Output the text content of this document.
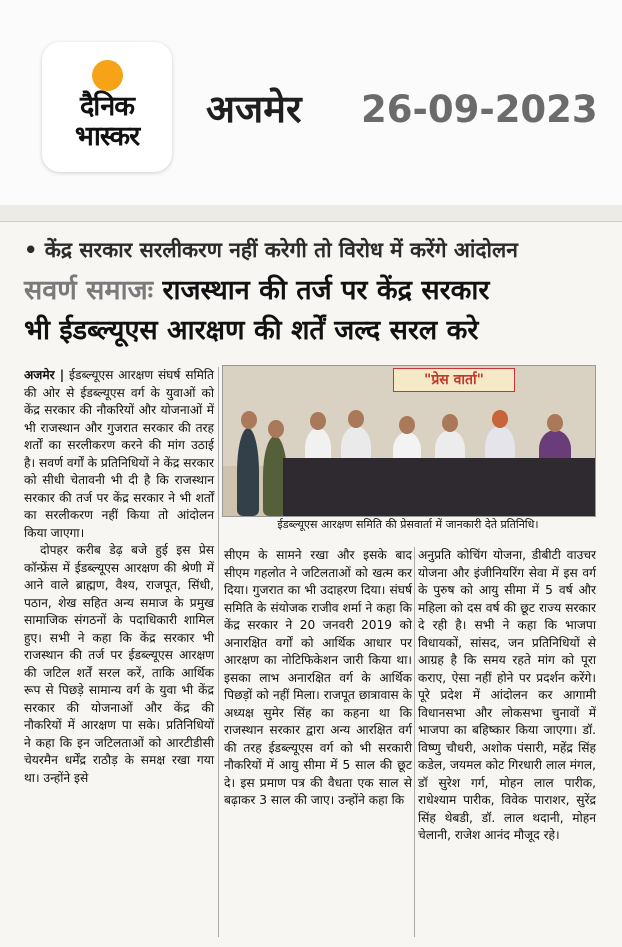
दैनिक
भास्कर
अजमेर 26-09-2023
• केंद्र सरकार सरलीकरण नहीं करेगी तो विरोध में करेंगे आंदोलन
सवर्ण समाजः राजस्थान की तर्ज पर केंद्र सरकार
भी ईडब्ल्यूएस आरक्षण की शर्तें जल्द सरल करे
"प्रेस वार्ता"
ईडब्ल्यूएस आरक्षण समिति की प्रेसवार्ता में जानकारी देते प्रतिनिधि।

अजमेर | ईडब्ल्यूएस आरक्षण संघर्ष समिति की ओर से ईडब्ल्यूएस वर्ग के युवाओं को केंद्र सरकार की नौकरियों और योजनाओं में भी राजस्थान और गुजरात सरकार की तरह शर्तों का सरलीकरण करने की मांग उठाई है। सवर्ण वर्गों के प्रतिनिधियों ने केंद्र सरकार को सीधी चेतावनी भी दी है कि राजस्थान सरकार की तर्ज पर केंद्र सरकार ने भी शर्तों का सरलीकरण नहीं किया तो आंदोलन किया जाएगा।

दोपहर करीब डेढ़ बजे हुई इस प्रेस कॉन्फ्रेंस में ईडब्ल्यूएस आरक्षण की श्रेणी में आने वाले ब्राह्मण, वैश्य, राजपूत, सिंधी, पठान, शेख सहित अन्य समाज के प्रमुख सामाजिक संगठनों के पदाधिकारी शामिल हुए। सभी ने कहा कि केंद्र सरकार भी राजस्थान की तर्ज पर ईडब्ल्यूएस आरक्षण की जटिल शर्तें सरल करें, ताकि आर्थिक रूप से पिछड़े सामान्य वर्ग के युवा भी केंद्र सरकार की योजनाओं और केंद्र की नौकरियों में आरक्षण पा सके। प्रतिनिधियों ने कहा कि इन जटिलताओं को आरटीडीसी चेयरमैन धर्मेंद्र राठौड़ के समक्ष रखा गया था। उन्होंने इसे

सीएम के सामने रखा और इसके बाद सीएम गहलोत ने जटिलताओं को खत्म कर दिया। गुजरात का भी उदाहरण दिया। संघर्ष समिति के संयोजक राजीव शर्मा ने कहा कि केंद्र सरकार ने 20 जनवरी 2019 को अनारक्षित वर्गों को आर्थिक आधार पर आरक्षण का नोटिफिकेशन जारी किया था। इसका लाभ अनारक्षित वर्ग के आर्थिक पिछड़ों को नहीं मिला। राजपूत छात्रावास के अध्यक्ष सुमेर सिंह का कहना था कि राजस्थान सरकार द्वारा अन्य आरक्षित वर्ग की तरह ईडब्ल्यूएस वर्ग को भी सरकारी नौकरियों में आयु सीमा में 5 साल की छूट दे। इस प्रमाण पत्र की वैधता एक साल से बढ़ाकर 3 साल की जाए। उन्होंने कहा कि

अनुप्रति कोचिंग योजना, डीबीटी वाउचर योजना और इंजीनियरिंग सेवा में इस वर्ग के पुरुष को आयु सीमा में 5 वर्ष और महिला को दस वर्ष की छूट राज्य सरकार दे रही है। सभी ने कहा कि भाजपा विधायकों, सांसद, जन प्रतिनिधियों से आग्रह है कि समय रहते मांग को पूरा कराए, ऐसा नहीं होने पर प्रदर्शन करेंगे। पूरे प्रदेश में आंदोलन कर आगामी विधानसभा और लोकसभा चुनावों में भाजपा का बहिष्कार किया जाएगा। डॉ. विष्णु चौधरी, अशोक पंसारी, महेंद्र सिंह कडेल, जयमल कोट गिरधारी लाल मंगल, डॉ सुरेश गर्ग, मोहन लाल पारीक, राधेश्याम पारीक, विवेक पाराशर, सुरेंद्र सिंह थेबडी, डॉ. लाल थदानी, मोहन चेलानी, राजेश आनंद मौजूद रहे।
